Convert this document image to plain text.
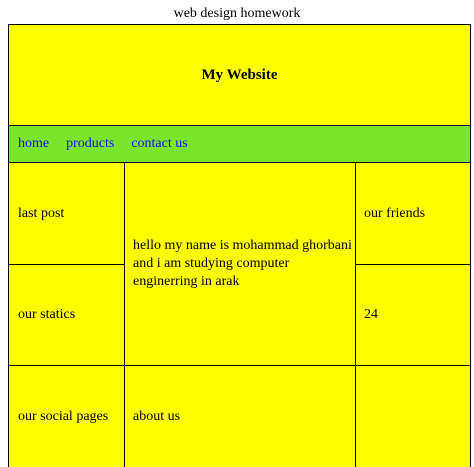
web design homework
My Website
home products contact us
last post
our statics
our social pages
hello my name is mohammad ghorbani and i am studying computer enginerring in arak
about us
our friends
24
